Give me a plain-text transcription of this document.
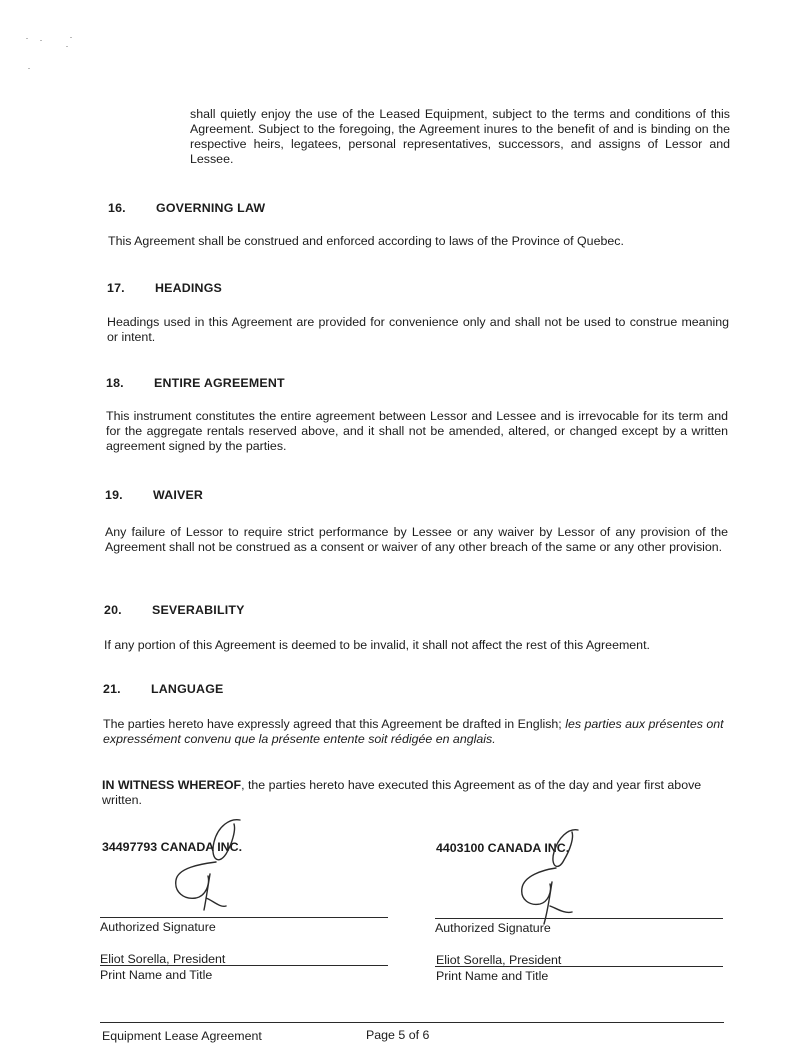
shall quietly enjoy the use of the Leased Equipment, subject to the terms and conditions of this Agreement. Subject to the foregoing, the Agreement inures to the benefit of and is binding on the respective heirs, legatees, personal representatives, successors, and assigns of Lessor and Lessee.
16. GOVERNING LAW
This Agreement shall be construed and enforced according to laws of the Province of Quebec.
17. HEADINGS
Headings used in this Agreement are provided for convenience only and shall not be used to construe meaning or intent.
18. ENTIRE AGREEMENT
This instrument constitutes the entire agreement between Lessor and Lessee and is irrevocable for its term and for the aggregate rentals reserved above, and it shall not be amended, altered, or changed except by a written agreement signed by the parties.
19. WAIVER
Any failure of Lessor to require strict performance by Lessee or any waiver by Lessor of any provision of the Agreement shall not be construed as a consent or waiver of any other breach of the same or any other provision.
20. SEVERABILITY
If any portion of this Agreement is deemed to be invalid, it shall not affect the rest of this Agreement.
21. LANGUAGE
The parties hereto have expressly agreed that this Agreement be drafted in English; les parties aux présentes ont expressément convenu que la présente entente soit rédigée en anglais.
IN WITNESS WHEREOF, the parties hereto have executed this Agreement as of the day and year first above written.
34497793 CANADA INC.
Authorized Signature
Eliot Sorella, President
Print Name and Title
4403100 CANADA INC.
Authorized Signature
Eliot Sorella, President
Print Name and Title
Equipment Lease Agreement	Page 5 of 6
